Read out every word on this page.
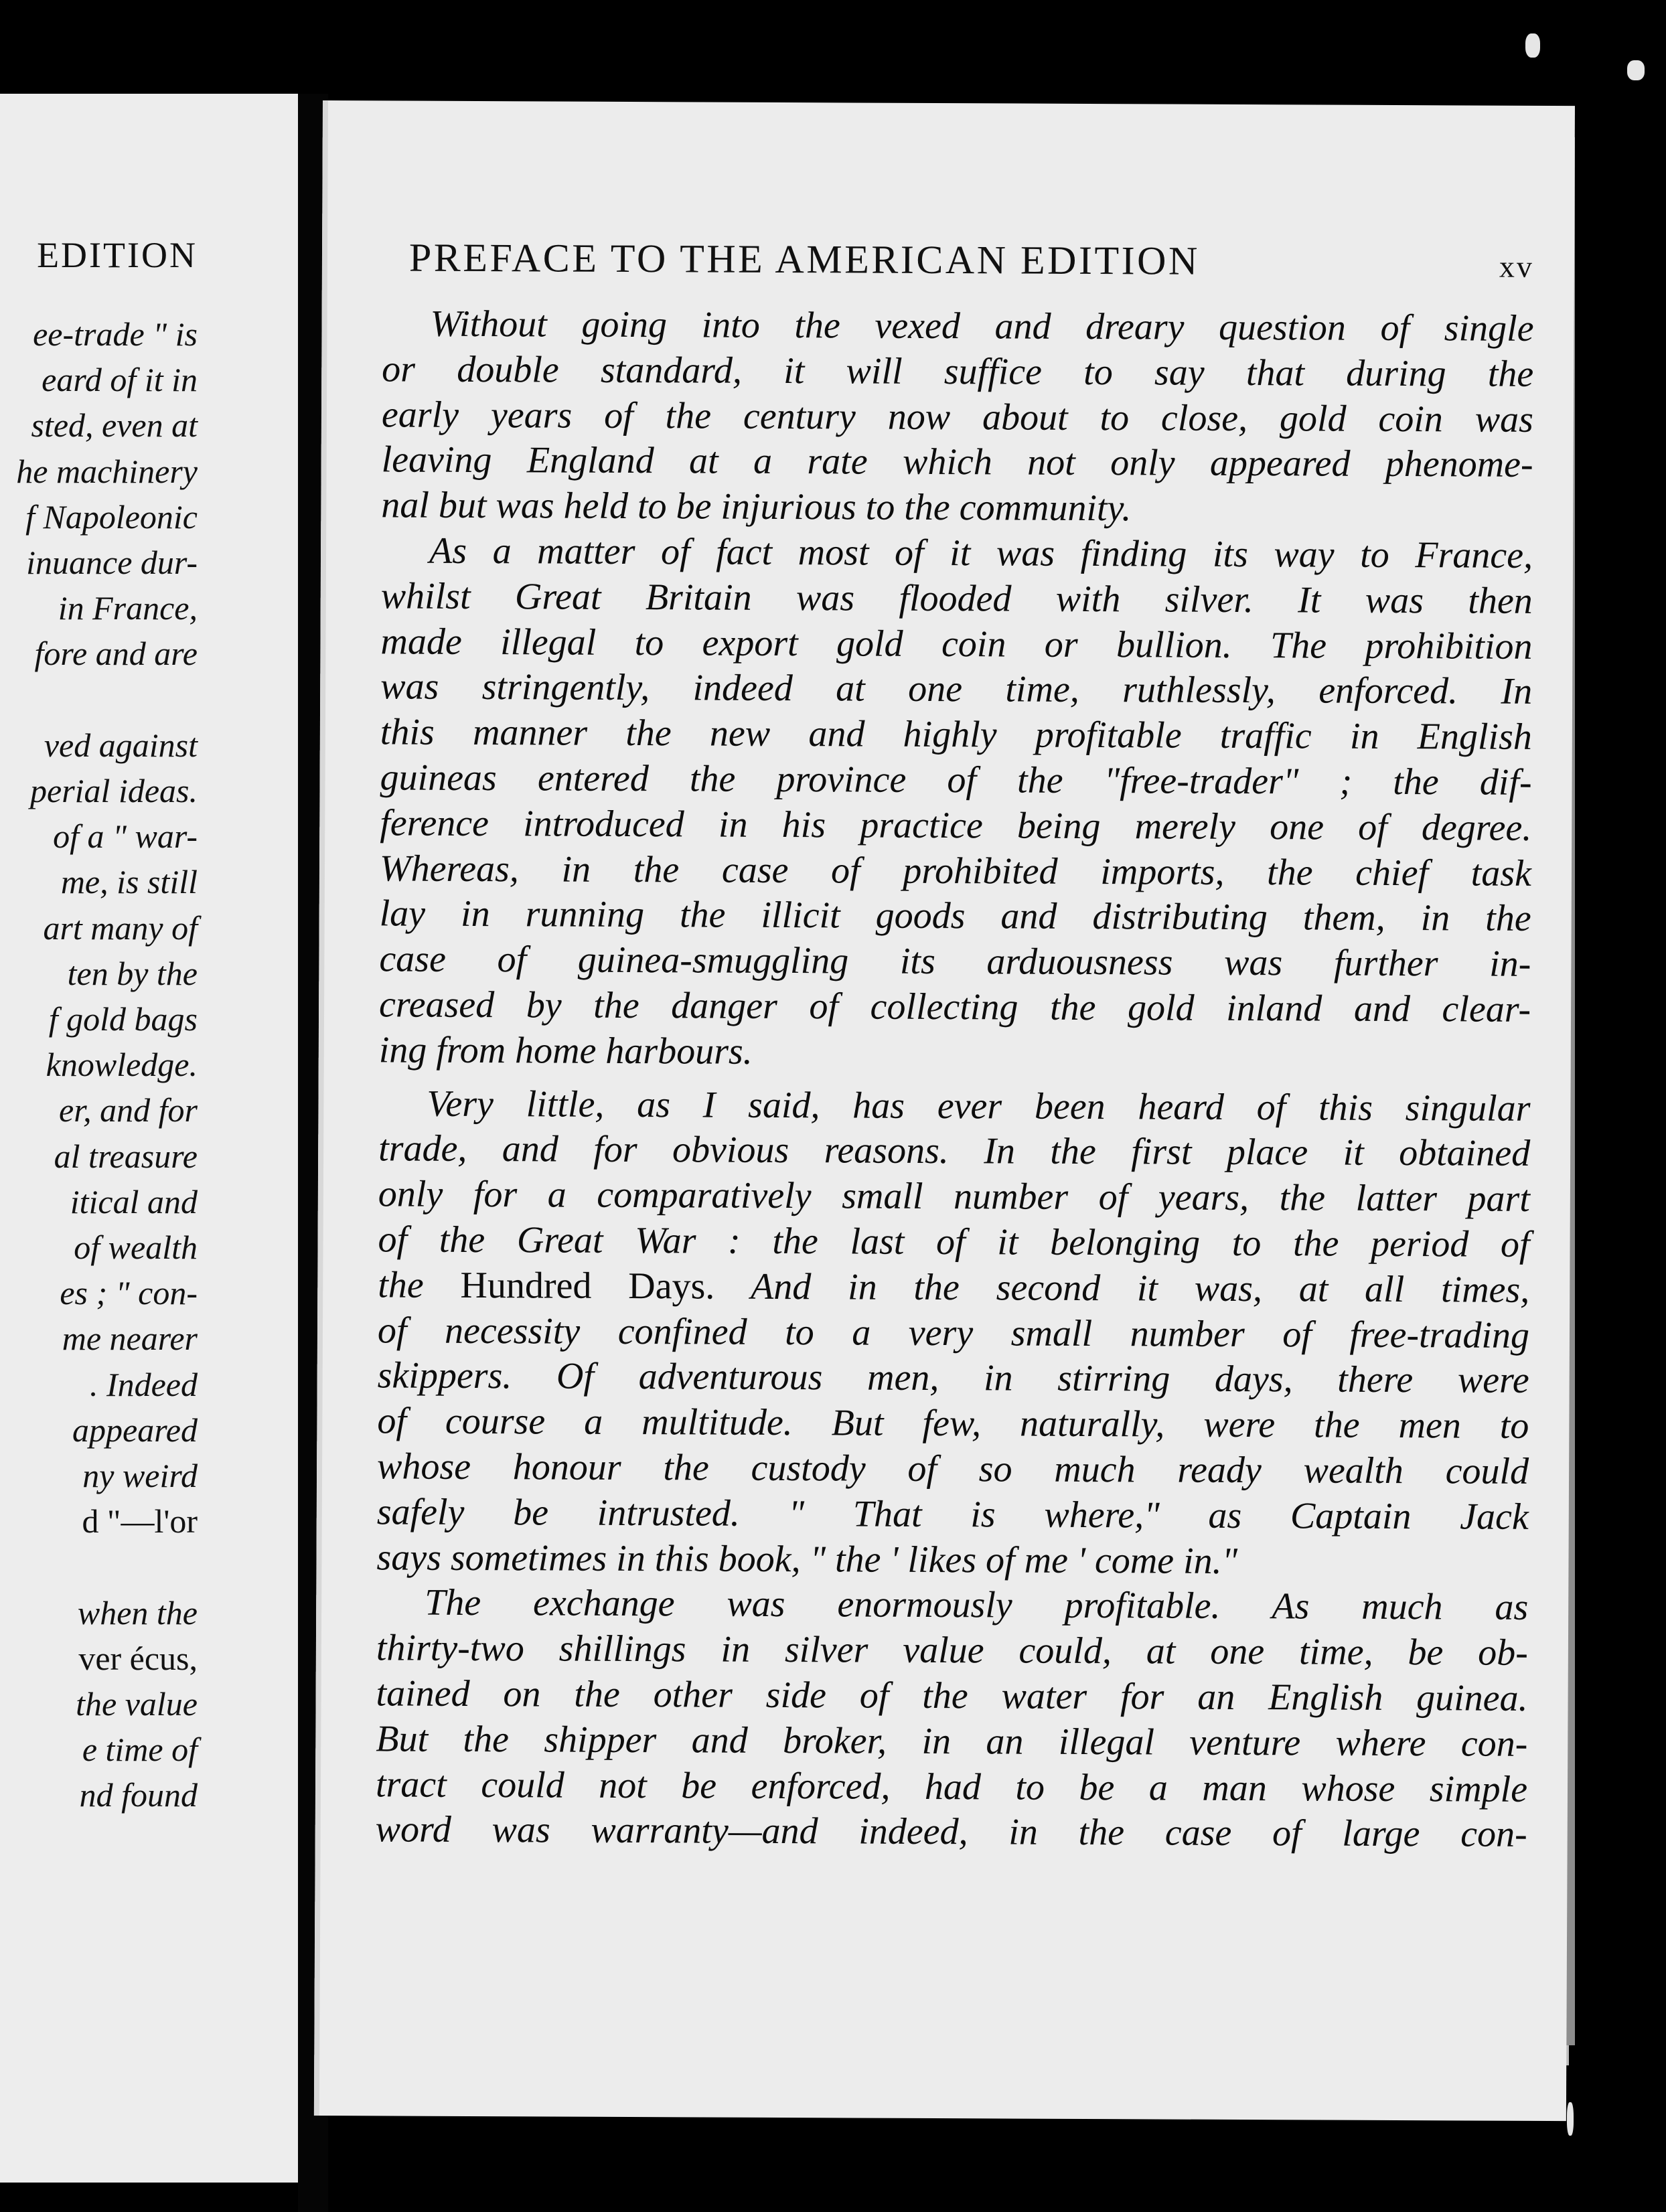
EDITION
ee-trade " is
eard of it in
sted, even at
he machinery
f Napoleonic
inuance dur-
in France,
fore and are
ved against
perial ideas.
of a " war-
me, is still
art many of
ten by the
f gold bags
knowledge.
er, and for
al treasure
itical and
of wealth
es ; " con-
me nearer
. Indeed
appeared
ny weird
d "—l'or
when the
ver écus,
the value
e time of
nd found
PREFACE TO THE AMERICAN EDITION	xv
Without going into the vexed and dreary question of single
or double standard, it will suffice to say that during the
early years of the century now about to close, gold coin was
leaving England at a rate which not only appeared phenome-
nal but was held to be injurious to the community.
As a matter of fact most of it was finding its way to France,
whilst Great Britain was flooded with silver. It was then
made illegal to export gold coin or bullion. The prohibition
was stringently, indeed at one time, ruthlessly, enforced. In
this manner the new and highly profitable traffic in English
guineas entered the province of the "free-trader" ; the dif-
ference introduced in his practice being merely one of degree.
Whereas, in the case of prohibited imports, the chief task
lay in running the illicit goods and distributing them, in the
case of guinea-smuggling its arduousness was further in-
creased by the danger of collecting the gold inland and clear-
ing from home harbours.
Very little, as I said, has ever been heard of this singular
trade, and for obvious reasons. In the first place it obtained
only for a comparatively small number of years, the latter part
of the Great War : the last of it belonging to the period of
the Hundred Days. And in the second it was, at all times,
of necessity confined to a very small number of free-trading
skippers. Of adventurous men, in stirring days, there were
of course a multitude. But few, naturally, were the men to
whose honour the custody of so much ready wealth could
safely be intrusted. " That is where," as Captain Jack
says sometimes in this book, " the ' likes of me ' come in."
The exchange was enormously profitable. As much as
thirty-two shillings in silver value could, at one time, be ob-
tained on the other side of the water for an English guinea.
But the shipper and broker, in an illegal venture where con-
tract could not be enforced, had to be a man whose simple
word was warranty—and indeed, in the case of large con-
